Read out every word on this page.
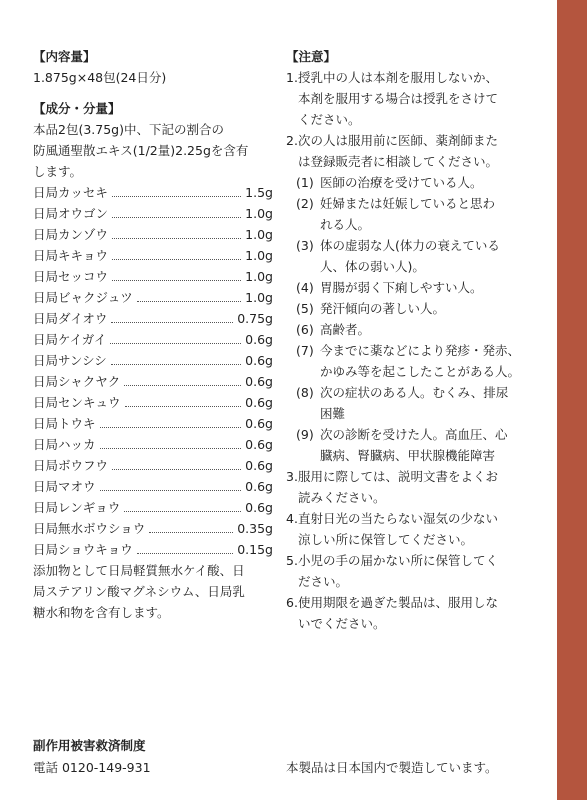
【内容量】
1.875g×48包(24日分)
【成分・分量】
本品2包(3.75g)中、下記の割合の
防風通聖散エキス(1/2量)2.25gを含有
します。
日局カッセキ	1.5g
日局オウゴン	1.0g
日局カンゾウ	1.0g
日局キキョウ	1.0g
日局セッコウ	1.0g
日局ビャクジュツ	1.0g
日局ダイオウ	0.75g
日局ケイガイ	0.6g
日局サンシシ	0.6g
日局シャクヤク	0.6g
日局センキュウ	0.6g
日局トウキ	0.6g
日局ハッカ	0.6g
日局ボウフウ	0.6g
日局マオウ	0.6g
日局レンギョウ	0.6g
日局無水ボウショウ	0.35g
日局ショウキョウ	0.15g
添加物として日局軽質無水ケイ酸、日
局ステアリン酸マグネシウム、日局乳
糖水和物を含有します。
【注意】
1. 授乳中の人は本剤を服用しないか、
本剤を服用する場合は授乳をさけて
ください。
2. 次の人は服用前に医師、薬剤師また
は登録販売者に相談してください。
(1) 医師の治療を受けている人。
(2) 妊婦または妊娠していると思わ
れる人。
(3) 体の虚弱な人(体力の衰えている
人、体の弱い人)。
(4) 胃腸が弱く下痢しやすい人。
(5) 発汗傾向の著しい人。
(6) 高齢者。
(7) 今までに薬などにより発疹・発赤、
かゆみ等を起こしたことがある人。
(8) 次の症状のある人。むくみ、排尿
困難
(9) 次の診断を受けた人。高血圧、心
臓病、腎臓病、甲状腺機能障害
3. 服用に際しては、説明文書をよくお
読みください。
4. 直射日光の当たらない湿気の少ない
涼しい所に保管してください。
5. 小児の手の届かない所に保管してく
ださい。
6. 使用期限を過ぎた製品は、服用しな
いでください。
副作用被害救済制度
電話 0120-149-931	本製品は日本国内で製造しています。
